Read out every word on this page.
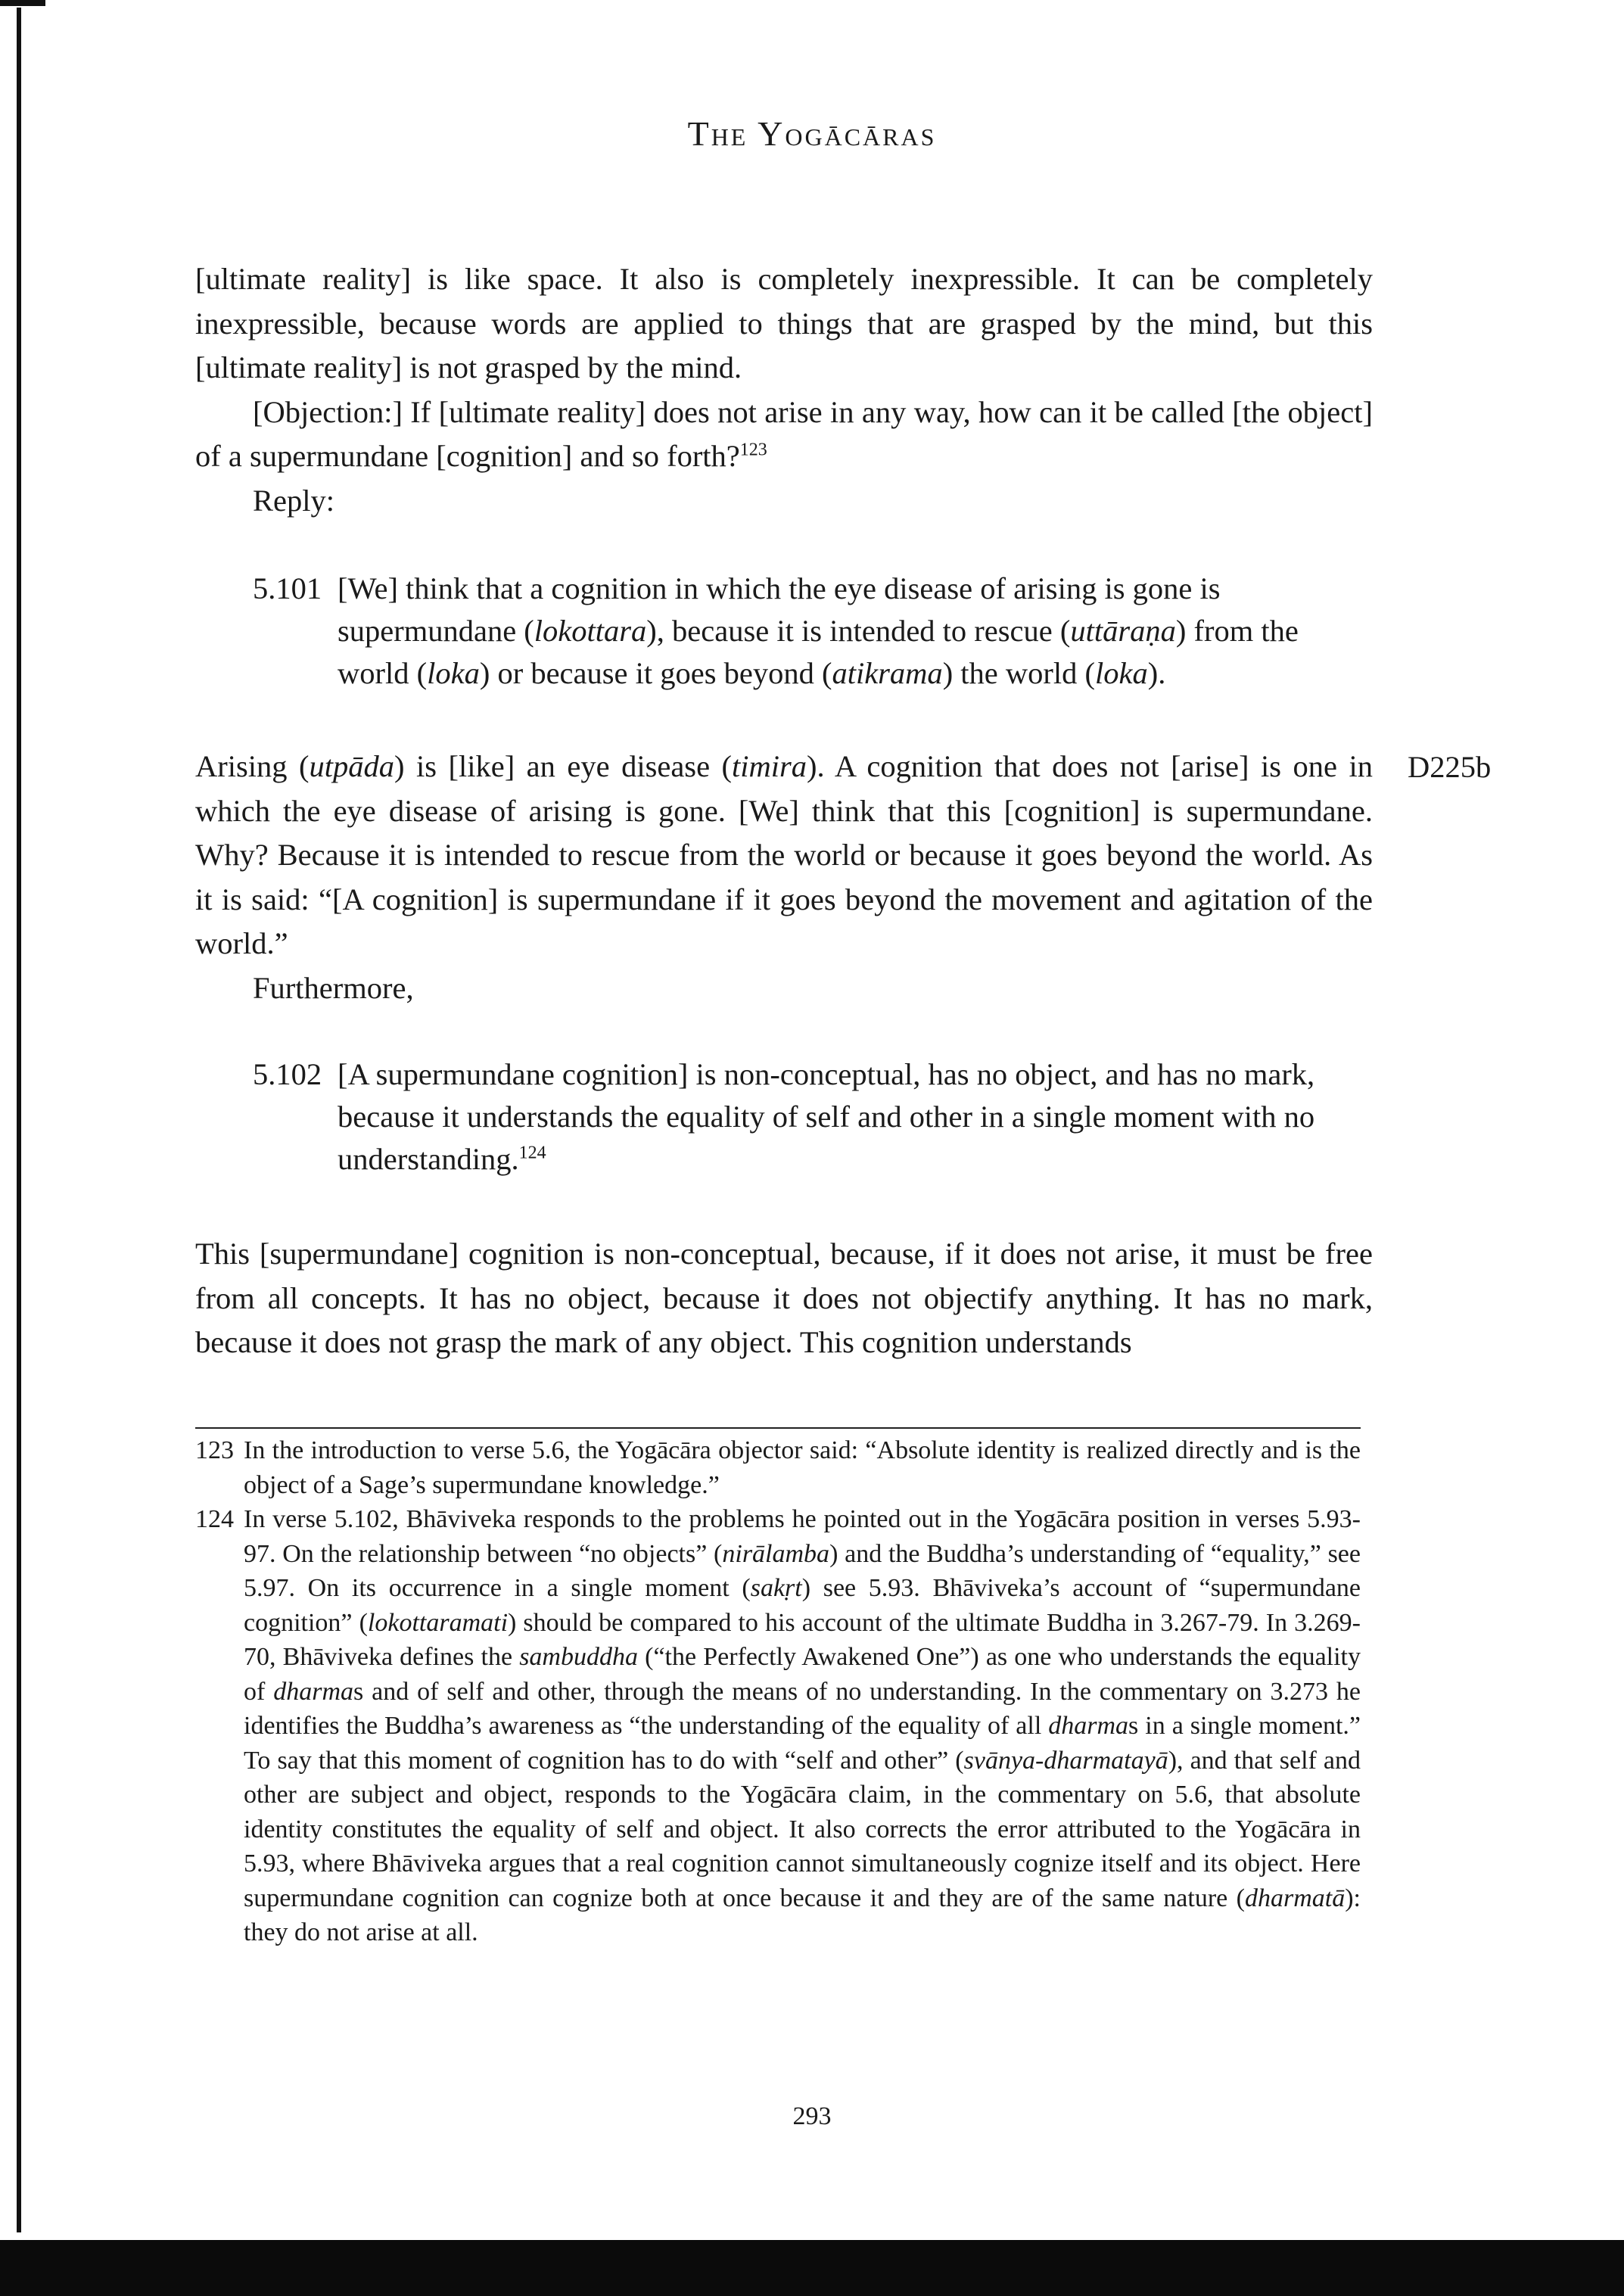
The Yogācāras

[ultimate reality] is like space. It also is completely inexpressible. It can be completely inexpressible, because words are applied to things that are grasped by the mind, but this [ultimate reality] is not grasped by the mind.

[Objection:] If [ultimate reality] does not arise in any way, how can it be called [the object] of a supermundane [cognition] and so forth?$^{123}$

Reply:

5.101 [We] think that a cognition in which the eye disease of arising is gone is supermundane (lokottara), because it is intended to rescue (uttāraṇa) from the world (loka) or because it goes beyond (atikrama) the world (loka).

Arising (utpāda) is [like] an eye disease (timira). A cognition that does not [arise] is one in which the eye disease of arising is gone. [We] think that this [cognition] is supermundane. Why? Because it is intended to rescue from the world or because it goes beyond the world. As it is said: “[A cognition] is supermundane if it goes beyond the movement and agitation of the world.”

Furthermore,

D225b
5.102 [A supermundane cognition] is non-conceptual, has no object, and has no mark, because it understands the equality of self and other in a single moment with no understanding.$^{124}$

This [supermundane] cognition is non-conceptual, because, if it does not arise, it must be free from all concepts. It has no object, because it does not objectify anything. It has no mark, because it does not grasp the mark of any object. This cognition understands

123 In the introduction to verse 5.6, the Yogācāra objector said: “Absolute identity is realized directly and is the object of a Sage’s supermundane knowledge.”

124 In verse 5.102, Bhāviveka responds to the problems he pointed out in the Yogācāra position in verses 5.93-97. On the relationship between “no objects” (nirālamba) and the Buddha’s understanding of “equality,” see 5.97. On its occurrence in a single moment (sakṛt) see 5.93. Bhāviveka’s account of “supermundane cognition” (lokottaramati) should be compared to his account of the ultimate Buddha in 3.267-79. In 3.269-70, Bhāviveka defines the sambuddha (“the Perfectly Awakened One”) as one who understands the equality of dharmas and of self and other, through the means of no understanding. In the commentary on 3.273 he identifies the Buddha’s awareness as “the understanding of the equality of all dharmas in a single moment.” To say that this moment of cognition has to do with “self and other” (svānya-dharmatayā), and that self and other are subject and object, responds to the Yogācāra claim, in the commentary on 5.6, that absolute identity constitutes the equality of self and object. It also corrects the error attributed to the Yogācāra in 5.93, where Bhāviveka argues that a real cognition cannot simultaneously cognize itself and its object. Here supermundane cognition can cognize both at once because it and they are of the same nature (dharmatā): they do not arise at all.

293
